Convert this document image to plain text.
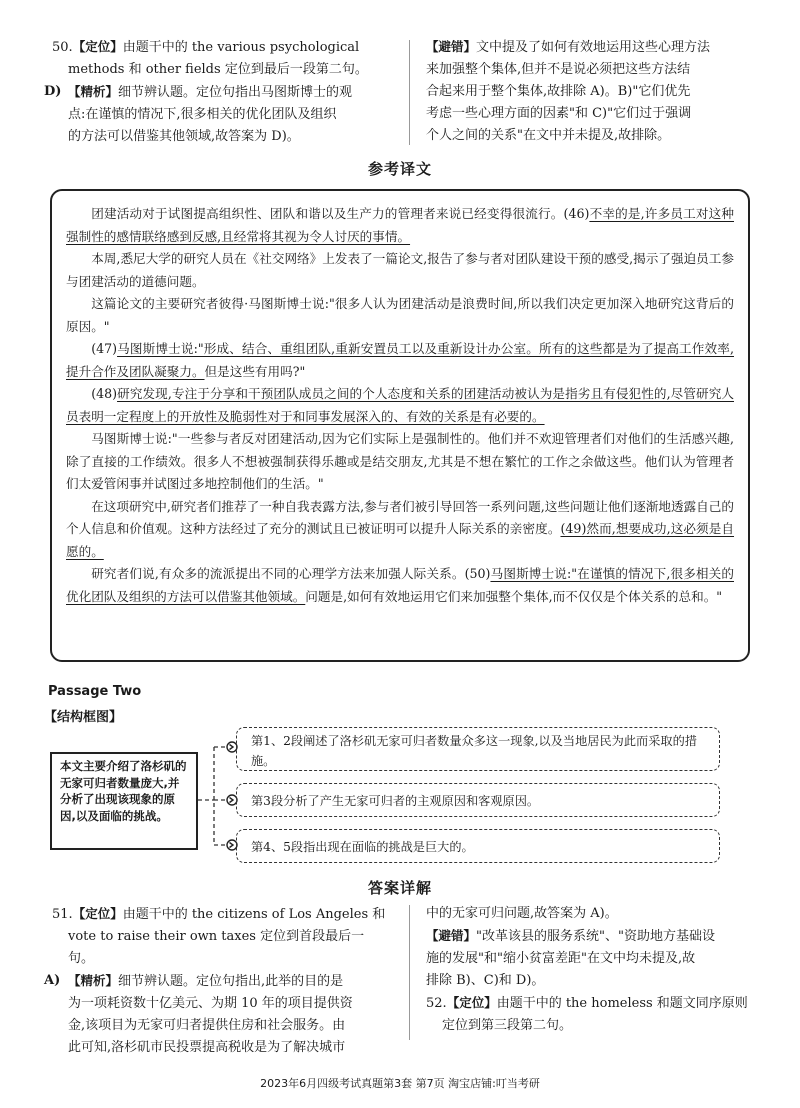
50.【定位】由题干中的 the various psychological

methods 和 other fields 定位到最后一段第二句。

D) 【精析】细节辨认题。定位句指出马图斯博士的观

点:在谨慎的情况下,很多相关的优化团队及组织

的方法可以借鉴其他领域,故答案为 D)。

【避错】文中提及了如何有效地运用这些心理方法

来加强整个集体,但并不是说必须把这些方法结

合起来用于整个集体,故排除 A)。B)"它们优先

考虑一些心理方面的因素"和 C)"它们过于强调

个人之间的关系"在文中并未提及,故排除。

参考译文

团建活动对于试图提高组织性、团队和谐以及生产力的管理者来说已经变得很流行。(46)不幸的是,许多员工对这种强制性的感情联络感到反感,且经常将其视为令人讨厌的事情。

本周,悉尼大学的研究人员在《社交网络》上发表了一篇论文,报告了参与者对团队建设干预的感受,揭示了强迫员工参与团建活动的道德问题。

这篇论文的主要研究者彼得·马图斯博士说:"很多人认为团建活动是浪费时间,所以我们决定更加深入地研究这背后的原因。"

(47)马图斯博士说:"形成、结合、重组团队,重新安置员工以及重新设计办公室。所有的这些都是为了提高工作效率,提升合作及团队凝聚力。但是这些有用吗?"

(48)研究发现,专注于分享和干预团队成员之间的个人态度和关系的团建活动被认为是指劣且有侵犯性的,尽管研究人员表明一定程度上的开放性及脆弱性对于和同事发展深入的、有效的关系是有必要的。

马图斯博士说:"一些参与者反对团建活动,因为它们实际上是强制性的。他们并不欢迎管理者们对他们的生活感兴趣,除了直接的工作绩效。很多人不想被强制获得乐趣或是结交朋友,尤其是不想在繁忙的工作之余做这些。他们认为管理者们太爱管闲事并试图过多地控制他们的生活。"

在这项研究中,研究者们推荐了一种自我表露方法,参与者们被引导回答一系列问题,这些问题让他们逐渐地透露自己的个人信息和价值观。这种方法经过了充分的测试且已被证明可以提升人际关系的亲密度。(49)然而,想要成功,这必须是自愿的。

研究者们说,有众多的流派提出不同的心理学方法来加强人际关系。(50)马图斯博士说:"在谨慎的情况下,很多相关的优化团队及组织的方法可以借鉴其他领域。问题是,如何有效地运用它们来加强整个集体,而不仅仅是个体关系的总和。"

Passage Two
【结构框图】
本文主要介绍了洛杉矶的无家可归者数量庞大,并分析了出现该现象的原因,以及面临的挑战。
第1、2段阐述了洛杉矶无家可归者数量众多这一现象,以及当地居民为此而采取的措施。
第3段分析了产生无家可归者的主观原因和客观原因。
第4、5段指出现在面临的挑战是巨大的。
答案详解

51.【定位】由题干中的 the citizens of Los Angeles 和

vote to raise their own taxes 定位到首段最后一句。

A) 【精析】细节辨认题。定位句指出,此举的目的是

为一项耗资数十亿美元、为期 10 年的项目提供资

金,该项目为无家可归者提供住房和社会服务。由

此可知,洛杉矶市民投票提高税收是为了解决城市

中的无家可归问题,故答案为 A)。

【避错】"改革该县的服务系统"、"资助地方基础设

施的发展"和"缩小贫富差距"在文中均未提及,故

排除 B)、C)和 D)。

52.【定位】由题干中的 the homeless 和题文同序原则

定位到第三段第二句。

2023年6月四级考试真题第3套 第7页 淘宝店铺:叮当考研
